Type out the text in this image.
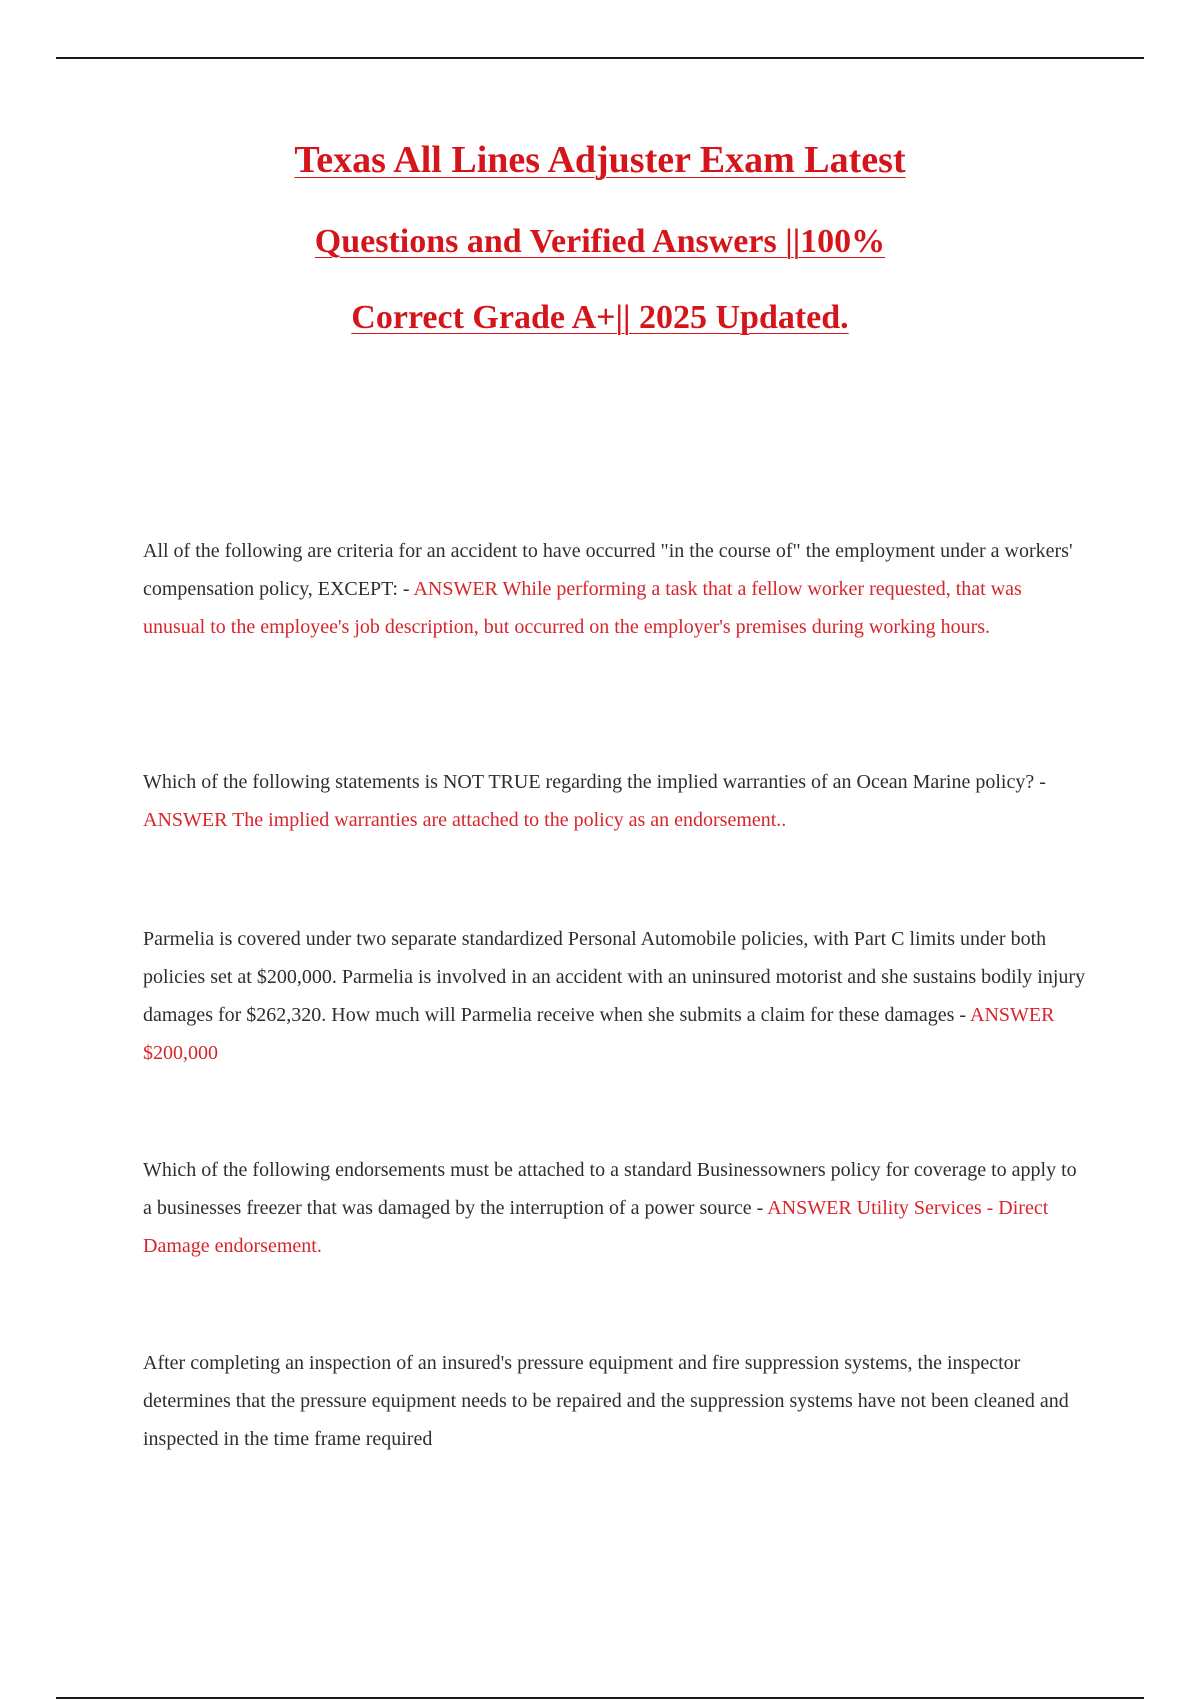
Texas All Lines Adjuster Exam Latest
Questions and Verified Answers ||100%
Correct Grade A+|| 2025 Updated.
All of the following are criteria for an accident to have occurred "in the course of" the employment under a workers' compensation policy, EXCEPT: - ANSWER While performing a task that a fellow worker requested, that was unusual to the employee's job description, but occurred on the employer's premises during working hours.
Which of the following statements is NOT TRUE regarding the implied warranties of an Ocean Marine policy? - ANSWER The implied warranties are attached to the policy as an endorsement..
Parmelia is covered under two separate standardized Personal Automobile policies, with Part C limits under both policies set at $200,000. Parmelia is involved in an accident with an uninsured motorist and she sustains bodily injury damages for $262,320. How much will Parmelia receive when she submits a claim for these damages - ANSWER $200,000
Which of the following endorsements must be attached to a standard Businessowners policy for coverage to apply to a businesses freezer that was damaged by the interruption of a power source - ANSWER Utility Services - Direct Damage endorsement.
After completing an inspection of an insured's pressure equipment and fire suppression systems, the inspector determines that the pressure equipment needs to be repaired and the suppression systems have not been cleaned and inspected in the time frame required
